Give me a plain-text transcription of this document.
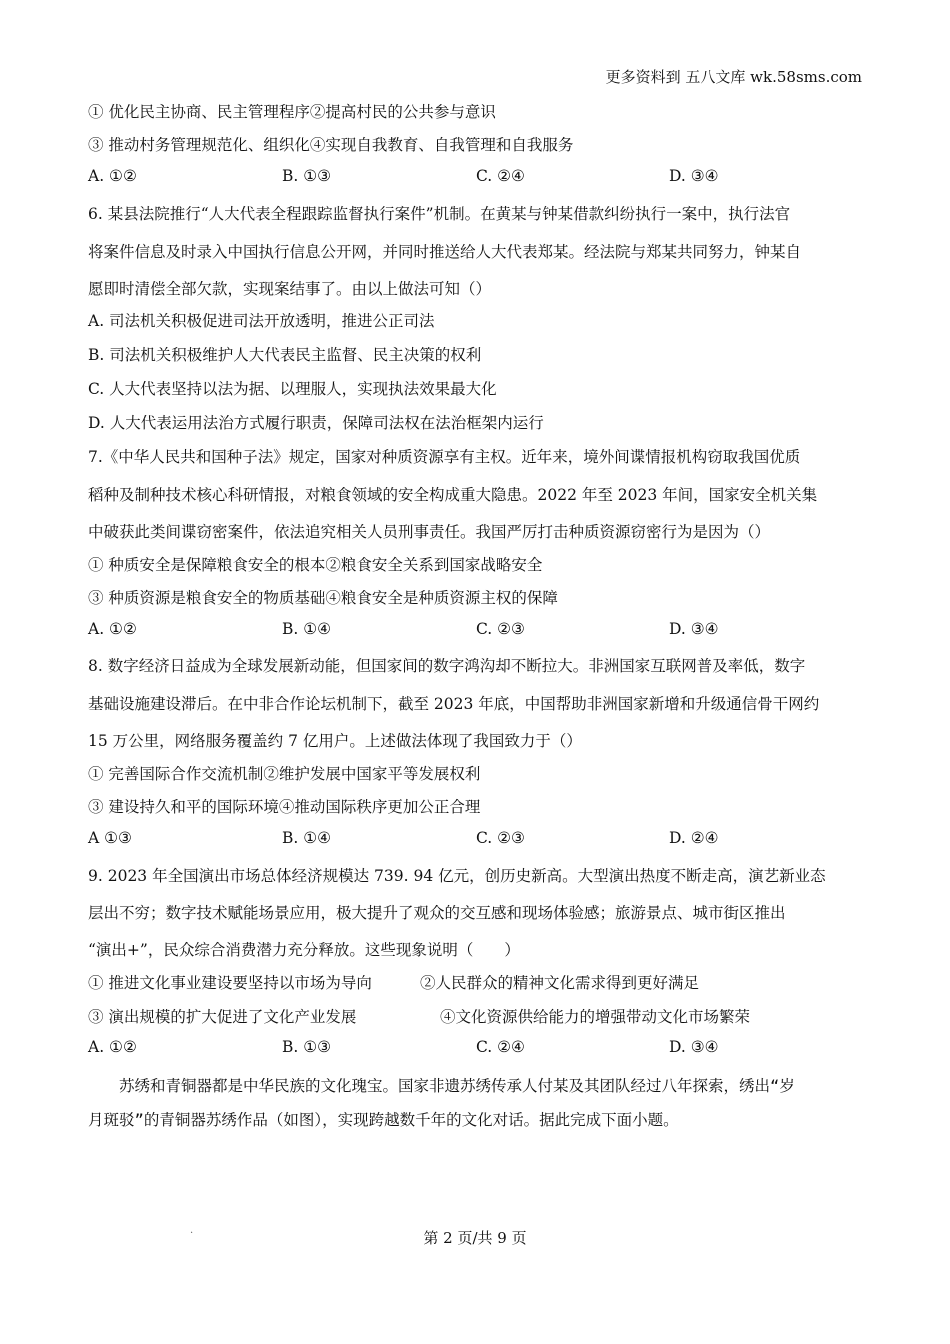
更多资料到 五八文库 wk.58sms.com
① 优化民主协商、民主管理程序②提高村民的公共参与意识
③ 推动村务管理规范化、组织化④实现自我教育、自我管理和自我服务
A. ①②	B. ①③	C. ②④	D. ③④
6. 某县法院推行“人大代表全程跟踪监督执行案件”机制。在黄某与钟某借款纠纷执行一案中，执行法官
将案件信息及时录入中国执行信息公开网，并同时推送给人大代表郑某。经法院与郑某共同努力，钟某自
愿即时清偿全部欠款，实现案结事了。由以上做法可知（）
A. 司法机关积极促进司法开放透明，推进公正司法
B. 司法机关积极维护人大代表民主监督、民主决策的权利
C. 人大代表坚持以法为据、以理服人，实现执法效果最大化
D. 人大代表运用法治方式履行职责，保障司法权在法治框架内运行
7.《中华人民共和国种子法》规定，国家对种质资源享有主权。近年来，境外间谍情报机构窃取我国优质
稻种及制种技术核心科研情报，对粮食领域的安全构成重大隐患。2022 年至 2023 年间，国家安全机关集
中破获此类间谍窃密案件，依法追究相关人员刑事责任。我国严厉打击种质资源窃密行为是因为（）
① 种质安全是保障粮食安全的根本②粮食安全关系到国家战略安全
③ 种质资源是粮食安全的物质基础④粮食安全是种质资源主权的保障
A. ①②	B. ①④	C. ②③	D. ③④
8. 数字经济日益成为全球发展新动能，但国家间的数字鸿沟却不断拉大。非洲国家互联网普及率低，数字
基础设施建设滞后。在中非合作论坛机制下，截至 2023 年底，中国帮助非洲国家新增和升级通信骨干网约
15 万公里，网络服务覆盖约 7 亿用户。上述做法体现了我国致力于（）
① 完善国际合作交流机制②维护发展中国家平等发展权利
③ 建设持久和平的国际环境④推动国际秩序更加公正合理
A ①③	B. ①④	C. ②③	D. ②④
9. 2023 年全国演出市场总体经济规模达 739. 94 亿元，创历史新高。大型演出热度不断走高，演艺新业态
层出不穷；数字技术赋能场景应用，极大提升了观众的交互感和现场体验感；旅游景点、城市街区推出
“演出+”，民众综合消费潜力充分释放。这些现象说明（　　）
① 推进文化事业建设要坚持以市场为导向	②人民群众的精神文化需求得到更好满足
③ 演出规模的扩大促进了文化产业发展	④文化资源供给能力的增强带动文化市场繁荣
A. ①②	B. ①③	C. ②④	D. ③④
　　苏绣和青铜器都是中华民族的文化瑰宝。国家非遗苏绣传承人付某及其团队经过八年探索，绣出“岁
月斑驳”的青铜器苏绣作品（如图），实现跨越数千年的文化对话。据此完成下面小题。
.	第 2 页/共 9 页
